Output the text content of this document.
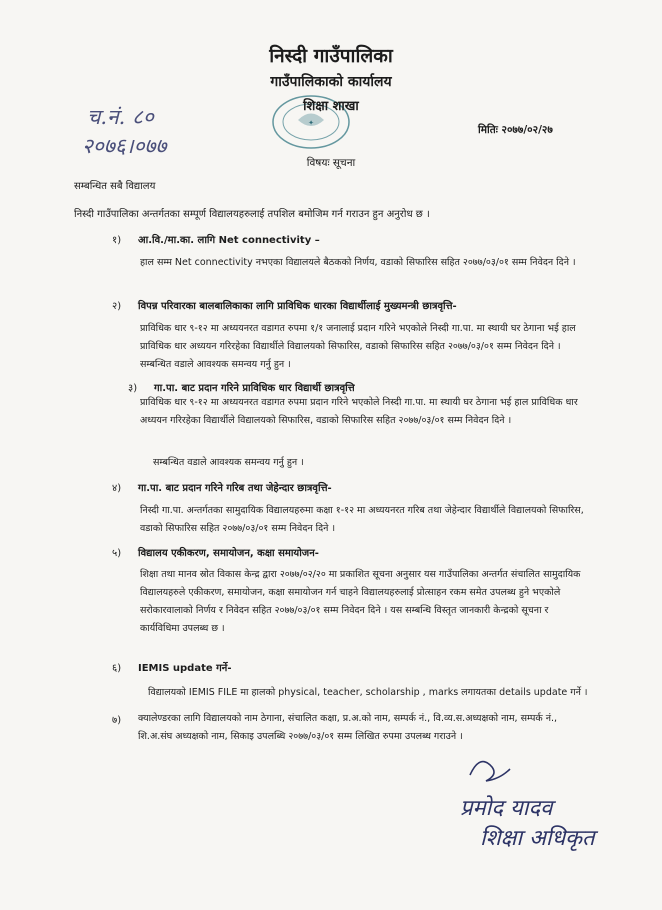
निस्दी गाउँपालिका
गाउँपालिकाको कार्यालय
✦
शिक्षा शाखा
च.नं. ८०
२०७६।०७७
मितिः २०७७/०२/२७
विषयः सूचना
सम्बन्धित सबै विद्यालय
निस्दी गाउँपालिका अन्तर्गतका सम्पूर्ण विद्यालयहरुलाई तपशिल बमोजिम गर्न गराउन हुन अनुरोध छ ।
१) आ.वि./मा.का. लागि Net connectivity –
हाल सम्म Net connectivity नभएका विद्यालयले बैठकको निर्णय, वडाको सिफारिस सहित २०७७/०३/०१ सम्म निवेदन दिने ।
२) विपन्न परिवारका बालबालिकाका लागि प्राविधिक धारका विद्यार्थीलाई मुख्यमन्त्री छात्रवृत्ति-
प्राविधिक धार ९-१२ मा अध्ययनरत वडागत रुपमा १/१ जनालाई प्रदान गरिने भएकोले निस्दी गा.पा. मा स्थायी घर ठेगाना भई हाल प्राविधिक धार अध्ययन गरिरहेका विद्यार्थीले विद्यालयको सिफारिस, वडाको सिफारिस सहित २०७७/०३/०१ सम्म निवेदन दिने । सम्बन्धित वडाले आवश्यक समन्वय गर्नु हुन ।
३) गा.पा. बाट प्रदान गरिने प्राविधिक धार विद्यार्थी छात्रवृत्ति
प्राविधिक धार ९-१२ मा अध्ययनरत वडागत रुपमा प्रदान गरिने भएकोले निस्दी गा.पा. मा स्थायी घर ठेगाना भई हाल प्राविधिक धार अध्ययन गरिरहेका विद्यार्थीले विद्यालयको सिफारिस, वडाको सिफारिस सहित २०७७/०३/०१ सम्म निवेदन दिने ।
सम्बन्धित वडाले आवश्यक समन्वय गर्नु हुन ।
४) गा.पा. बाट प्रदान गरिने गरिब तथा जेहेन्दार छात्रवृत्ति-
निस्दी गा.पा. अन्तर्गतका सामुदायिक विद्यालयहरुमा कक्षा १-१२ मा अध्ययनरत गरिब तथा जेहेन्दार विद्यार्थीले विद्यालयको सिफारिस, वडाको सिफारिस सहित २०७७/०३/०१ सम्म निवेदन दिने ।
५) विद्यालय एकीकरण, समायोजन, कक्षा समायोजन-
शिक्षा तथा मानव स्रोत विकास केन्द्र द्वारा २०७७/०२/२० मा प्रकाशित सूचना अनुसार यस गाउँपालिका अन्तर्गत संचालित सामुदायिक विद्यालयहरुले एकीकरण, समायोजन, कक्षा समायोजन गर्न चाहने विद्यालयहरुलाई प्रोत्साहन रकम समेत उपलब्ध हुने भएकोले सरोकारवालाको निर्णय र निवेदन सहित २०७७/०३/०१ सम्म निवेदन दिने । यस सम्बन्धि विस्तृत जानकारी केन्द्रको सूचना र कार्यविधिमा उपलब्ध छ ।
६) IEMIS update गर्ने-
विद्यालयको IEMIS FILE मा हालको physical, teacher, scholarship , marks लगायतका details update गर्ने ।
७)	क्यालेण्डरका लागि विद्यालयको नाम ठेगाना, संचालित कक्षा, प्र.अ.को नाम, सम्पर्क नं., वि.व्य.स.अध्यक्षको नाम, सम्पर्क नं., शि.अ.संघ अध्यक्षको नाम, सिकाइ उपलब्धि २०७७/०३/०१ सम्म लिखित रुपमा उपलब्ध गराउने ।
प्रमोद यादव
शिक्षा अधिकृत
